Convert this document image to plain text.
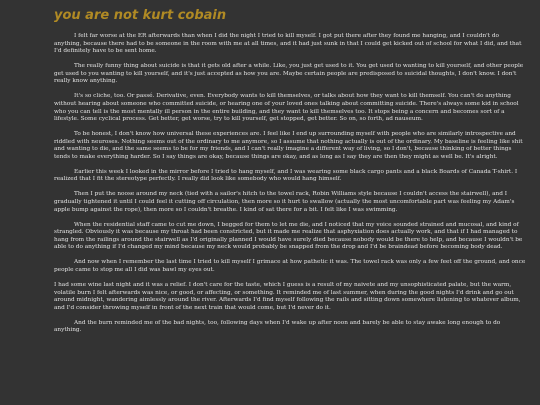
you are not kurt cobain

I felt far worse at the ER afterwards than when I did the night I tried to kill myself. I got put there after they found me hanging, and I couldn't do anything, because there had to be someone in the room with me at all times, and it had just sunk in that I could get kicked out of school for what I did, and that I'd definitely have to be sent home.

The really funny thing about suicide is that it gets old after a while. Like, you just get used to it. You get used to wanting to kill yourself, and other people get used to you wanting to kill yourself, and it's just accepted as how you are. Maybe certain people are predisposed to suicidal thoughts, I don't know. I don't really know anything.

It's so cliche, too. Or passé. Derivative, even. Everybody wants to kill themselves, or talks about how they want to kill themself. You can't do anything without hearing about someone who committed suicide, or hearing one of your loved ones talking about committing suicide. There's always some kid in school who you can tell is the most mentally ill person in the entire building, and they want to kill themselves too. It stops being a concern and becomes sort of a lifestyle. Some cyclical process. Get better, get worse, try to kill yourself, get stopped, get better. So on, so forth, ad nauseum.

To be honest, I don't know how universal these experiences are. I feel like I end up surrounding myself with people who are similarly introspective and riddled with neuroses. Nothing seems out of the ordinary to me anymore, so I assume that nothing actually is out of the ordinary. My baseline is feeling like shit and wanting to die, and the same seems to be for my friends, and I can't really imagine a different way of living, so I don't, because thinking of better things tends to make everything harder. So I say things are okay, because things are okay, and as long as I say they are then they might as well be. It's alright.

Earlier this week I looked in the mirror before I tried to hang myself, and I was wearing some black cargo pants and a black Boards of Canada T-shirt. I realized that I fit the stereotype perfectly. I really did look like somebody who would hang himself.

Then I put the noose around my neck (tied with a sailor's hitch to the towel rack, Robin Williams style because I couldn't access the stairwell), and I gradually tightened it until I could feel it cutting off circulation, then more so it hurt to swallow (actually the most uncomfortable part was feeling my Adam's apple bump against the rope), then more so I couldn't breathe. I kind of sat there for a bit. I felt like I was swimming.

When the residential staff came to cut me down, I begged for them to let me die, and I noticed that my voice sounded strained and mucosal, and kind of strangled. Obviously it was because my throat had been constricted, but it made me realize that asphyxiation does actually work, and that if I had managed to hang from the railings around the stairwell as I'd originally planned I would have surely died because nobody would be there to help, and because I wouldn't be able to do anything if I'd changed my mind because my neck would probably be snapped from the drop and I'd be braindead before becoming body dead.

And now when I remember the last time I tried to kill myself I grimace at how pathetic it was. The towel rack was only a few feet off the ground, and once people came to stop me all I did was bawl my eyes out.

I had some wine last night and it was a relief. I don't care for the taste, which I guess is a result of my naivete and my unsophisticated palate, but the warm, volatile burn I felt afterwards was nice, or good, or affecting, or something. It reminded me of last summer, when during the good nights I'd drink and go out around midnight, wandering aimlessly around the river. Afterwards I'd find myself following the rails and sitting down somewhere listening to whatever album, and I'd consider throwing myself in front of the next train that would come, but I'd never do it.

And the burn reminded me of the bad nights, too, following days when I'd wake up after noon and barely be able to stay awake long enough to do anything.
